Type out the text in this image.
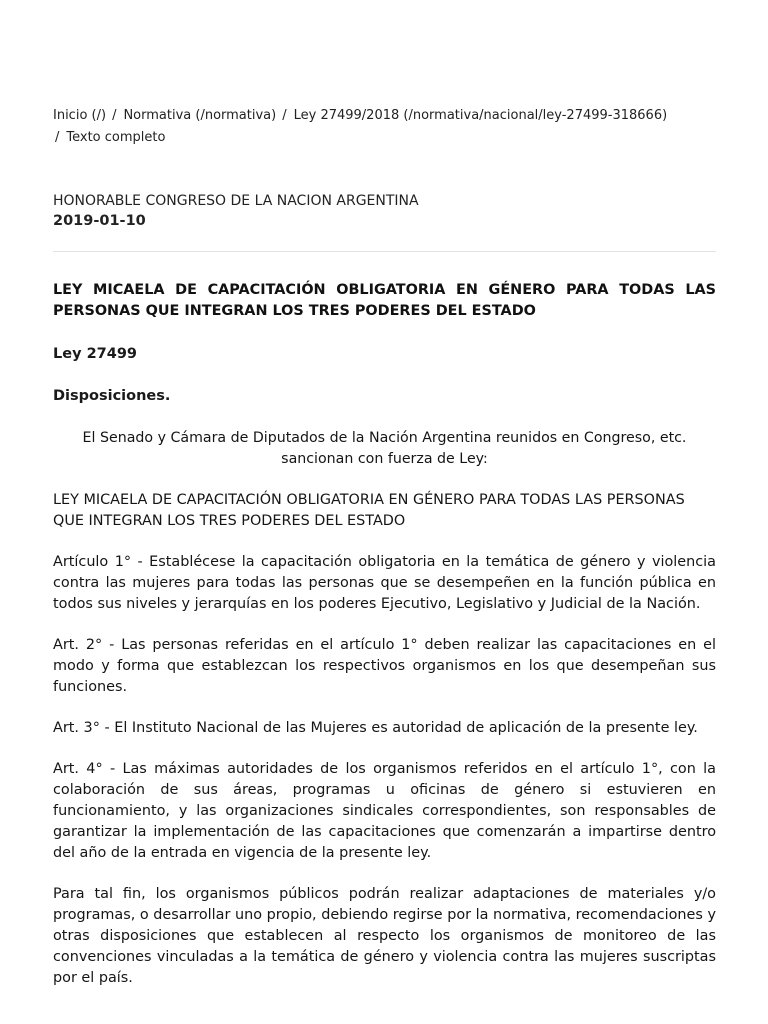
Inicio (/) / Normativa (/normativa) / Ley 27499/2018 (/normativa/nacional/ley-27499-318666)
/ Texto completo
HONORABLE CONGRESO DE LA NACION ARGENTINA
2019-01-10
LEY MICAELA DE CAPACITACIÓN OBLIGATORIA EN GÉNERO PARA TODAS LAS PERSONAS QUE INTEGRAN LOS TRES PODERES DEL ESTADO
Ley 27499
Disposiciones.
El Senado y Cámara de Diputados de la Nación Argentina reunidos en Congreso, etc. sancionan con fuerza de Ley:
LEY MICAELA DE CAPACITACIÓN OBLIGATORIA EN GÉNERO PARA TODAS LAS PERSONAS QUE INTEGRAN LOS TRES PODERES DEL ESTADO

Artículo 1° - Establécese la capacitación obligatoria en la temática de género y violencia contra las mujeres para todas las personas que se desempeñen en la función pública en todos sus niveles y jerarquías en los poderes Ejecutivo, Legislativo y Judicial de la Nación.

Art. 2° - Las personas referidas en el artículo 1° deben realizar las capacitaciones en el modo y forma que establezcan los respectivos organismos en los que desempeñan sus funciones.

Art. 3° - El Instituto Nacional de las Mujeres es autoridad de aplicación de la presente ley.

Art. 4° - Las máximas autoridades de los organismos referidos en el artículo 1°, con la colaboración de sus áreas, programas u oficinas de género si estuvieren en funcionamiento, y las organizaciones sindicales correspondientes, son responsables de garantizar la implementación de las capacitaciones que comenzarán a impartirse dentro del año de la entrada en vigencia de la presente ley.

Para tal fin, los organismos públicos podrán realizar adaptaciones de materiales y/o programas, o desarrollar uno propio, debiendo regirse por la normativa, recomendaciones y otras disposiciones que establecen al respecto los organismos de monitoreo de las convenciones vinculadas a la temática de género y violencia contra las mujeres suscriptas por el país.
